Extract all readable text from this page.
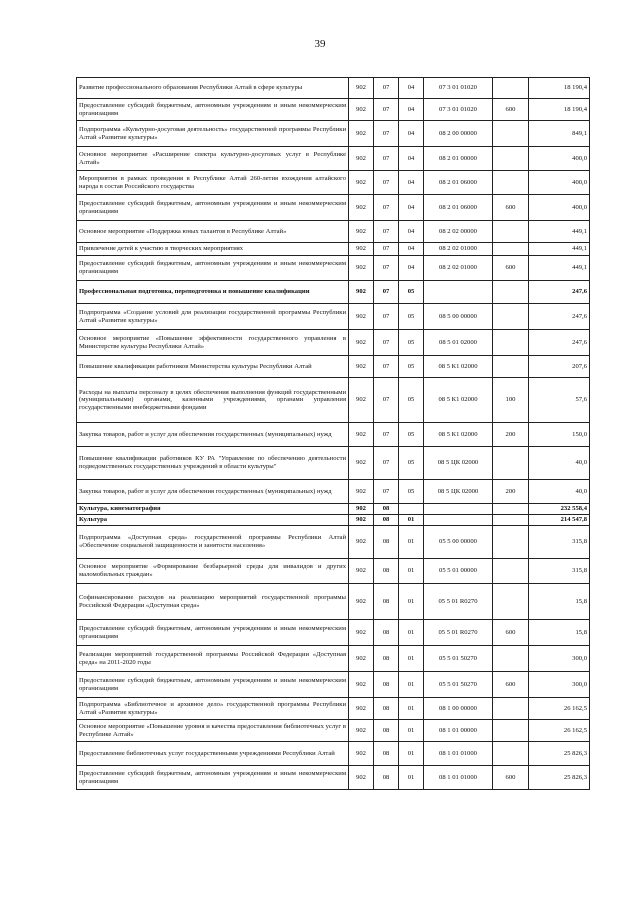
39
Развитие профессионального образования Республики Алтай в сфере культуры	902	07	04	07 3 01 01020		18 190,4
Предоставление субсидий бюджетным, автономным учреждениям и иным некоммерческим организациям	902	07	04	07 3 01 01020	600	18 190,4
Подпрограмма «Культурно-досуговая деятельность» государственной программы Республики Алтай «Развитие культуры»	902	07	04	08 2 00 00000		849,1
Основное мероприятие «Расширение спектра культурно-досуговых услуг в Республике Алтай»	902	07	04	08 2 01 00000		400,0
Мероприятия в рамках проведения в Республике Алтай 260-летия вхождения алтайского народа в состав Российского государства	902	07	04	08 2 01 06000		400,0
Предоставление субсидий бюджетным, автономным учреждениям и иным некоммерческим организациям	902	07	04	08 2 01 06000	600	400,0
Основное мероприятие «Поддержка юных талантов в Республике Алтай»	902	07	04	08 2 02 00000		449,1
Привлечение детей к участию в творческих мероприятиях	902	07	04	08 2 02 01000		449,1
Предоставление субсидий бюджетным, автономным учреждениям и иным некоммерческим организациям	902	07	04	08 2 02 01000	600	449,1
Профессиональная подготовка, переподготовка и повышение квалификации	902	07	05			247,6
Подпрограмма «Создание условий для реализации государственной программы Республики Алтай «Развитие культуры»	902	07	05	08 5 00 00000		247,6
Основное мероприятие «Повышение эффективности государственного управления в Министерстве культуры Республики Алтай»	902	07	05	08 5 01 02000		247,6
Повышение квалификации работников Министерства культуры Республики Алтай	902	07	05	08 5 К1 02000		207,6
Расходы на выплаты персоналу в целях обеспечения выполнения функций государственными (муниципальными) органами, казенными учреждениями, органами управления государственными внебюджетными фондами	902	07	05	08 5 К1 02000	100	57,6
Закупка товаров, работ и услуг для обеспечения государственных (муниципальных) нужд	902	07	05	08 5 К1 02000	200	150,0
Повышение квалификации работников КУ РА "Управление по обеспечению деятельности подведомственных государственных учреждений в области культуры"	902	07	05	08 5 ЦК 02000		40,0
Закупка товаров, работ и услуг для обеспечения государственных (муниципальных) нужд	902	07	05	08 5 ЦК 02000	200	40,0
Культура, кинематография	902	08				232 558,4
Культура	902	08	01			214 547,8
Подпрограмма «Доступная среда» государственной программы Республики Алтай «Обеспечение социальной защищенности и занятости населения»	902	08	01	05 5 00 00000		315,8
Основное мероприятие «Формирование безбарьерной среды для инвалидов и других маломобильных граждан»	902	08	01	05 5 01 00000		315,8
Софинансирование расходов на реализацию мероприятий государственной программы Российской Федерации «Доступная среда»	902	08	01	05 5 01 R0270		15,8
Предоставление субсидий бюджетным, автономным учреждениям и иным некоммерческим организациям	902	08	01	05 5 01 R0270	600	15,8
Реализация мероприятий государственной программы Российской Федерации «Доступная среда» на 2011-2020 годы	902	08	01	05 5 01 50270		300,0
Предоставление субсидий бюджетным, автономным учреждениям и иным некоммерческим организациям	902	08	01	05 5 01 50270	600	300,0
Подпрограмма «Библиотечное и архивное дело» государственной программы Республики Алтай «Развитие культуры»	902	08	01	08 1 00 00000		26 162,5
Основное мероприятие «Повышение уровня и качества предоставления библиотечных услуг в Республике Алтай»	902	08	01	08 1 01 00000		26 162,5
Предоставление библиотечных услуг государственными учреждениями Республики Алтай	902	08	01	08 1 01 01000		25 826,3
Предоставление субсидий бюджетным, автономным учреждениям и иным некоммерческим организациям	902	08	01	08 1 01 01000	600	25 826,3
